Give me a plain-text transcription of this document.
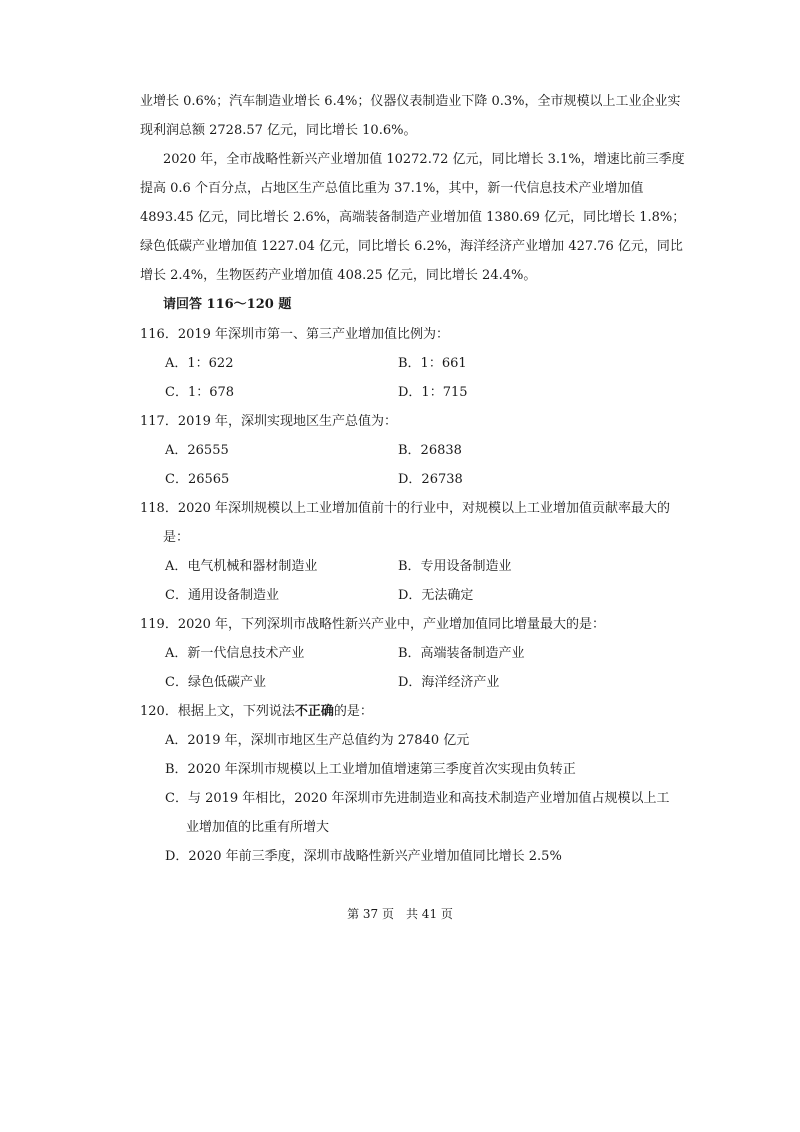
业增长 0.6%；汽车制造业增长 6.4%；仪器仪表制造业下降 0.3%，全市规模以上工业企业实
现利润总额 2728.57 亿元，同比增长 10.6%。
2020 年，全市战略性新兴产业增加值 10272.72 亿元，同比增长 3.1%，增速比前三季度
提高 0.6 个百分点，占地区生产总值比重为 37.1%，其中，新一代信息技术产业增加值
4893.45 亿元，同比增长 2.6%，高端装备制造产业增加值 1380.69 亿元，同比增长 1.8%；
绿色低碳产业增加值 1227.04 亿元，同比增长 6.2%，海洋经济产业增加 427.76 亿元，同比
增长 2.4%，生物医药产业增加值 408.25 亿元，同比增长 24.4%。
请回答 116～120 题
116．2019 年深圳市第一、第三产业增加值比例为：
A．1：622	B．1：661
C．1：678	D．1：715
117．2019 年，深圳实现地区生产总值为：
A．26555	B．26838
C．26565	D．26738
118．2020 年深圳规模以上工业增加值前十的行业中，对规模以上工业增加值贡献率最大的
是：
A．电气机械和器材制造业	B．专用设备制造业
C．通用设备制造业	D．无法确定
119．2020 年，下列深圳市战略性新兴产业中，产业增加值同比增量最大的是：
A．新一代信息技术产业	B．高端装备制造产业
C．绿色低碳产业	D．海洋经济产业
120．根据上文，下列说法不正确的是：
A．2019 年，深圳市地区生产总值约为 27840 亿元
B．2020 年深圳市规模以上工业增加值增速第三季度首次实现由负转正
C．与 2019 年相比，2020 年深圳市先进制造业和高技术制造产业增加值占规模以上工
业增加值的比重有所增大
D．2020 年前三季度，深圳市战略性新兴产业增加值同比增长 2.5%
第 37 页　共 41 页
